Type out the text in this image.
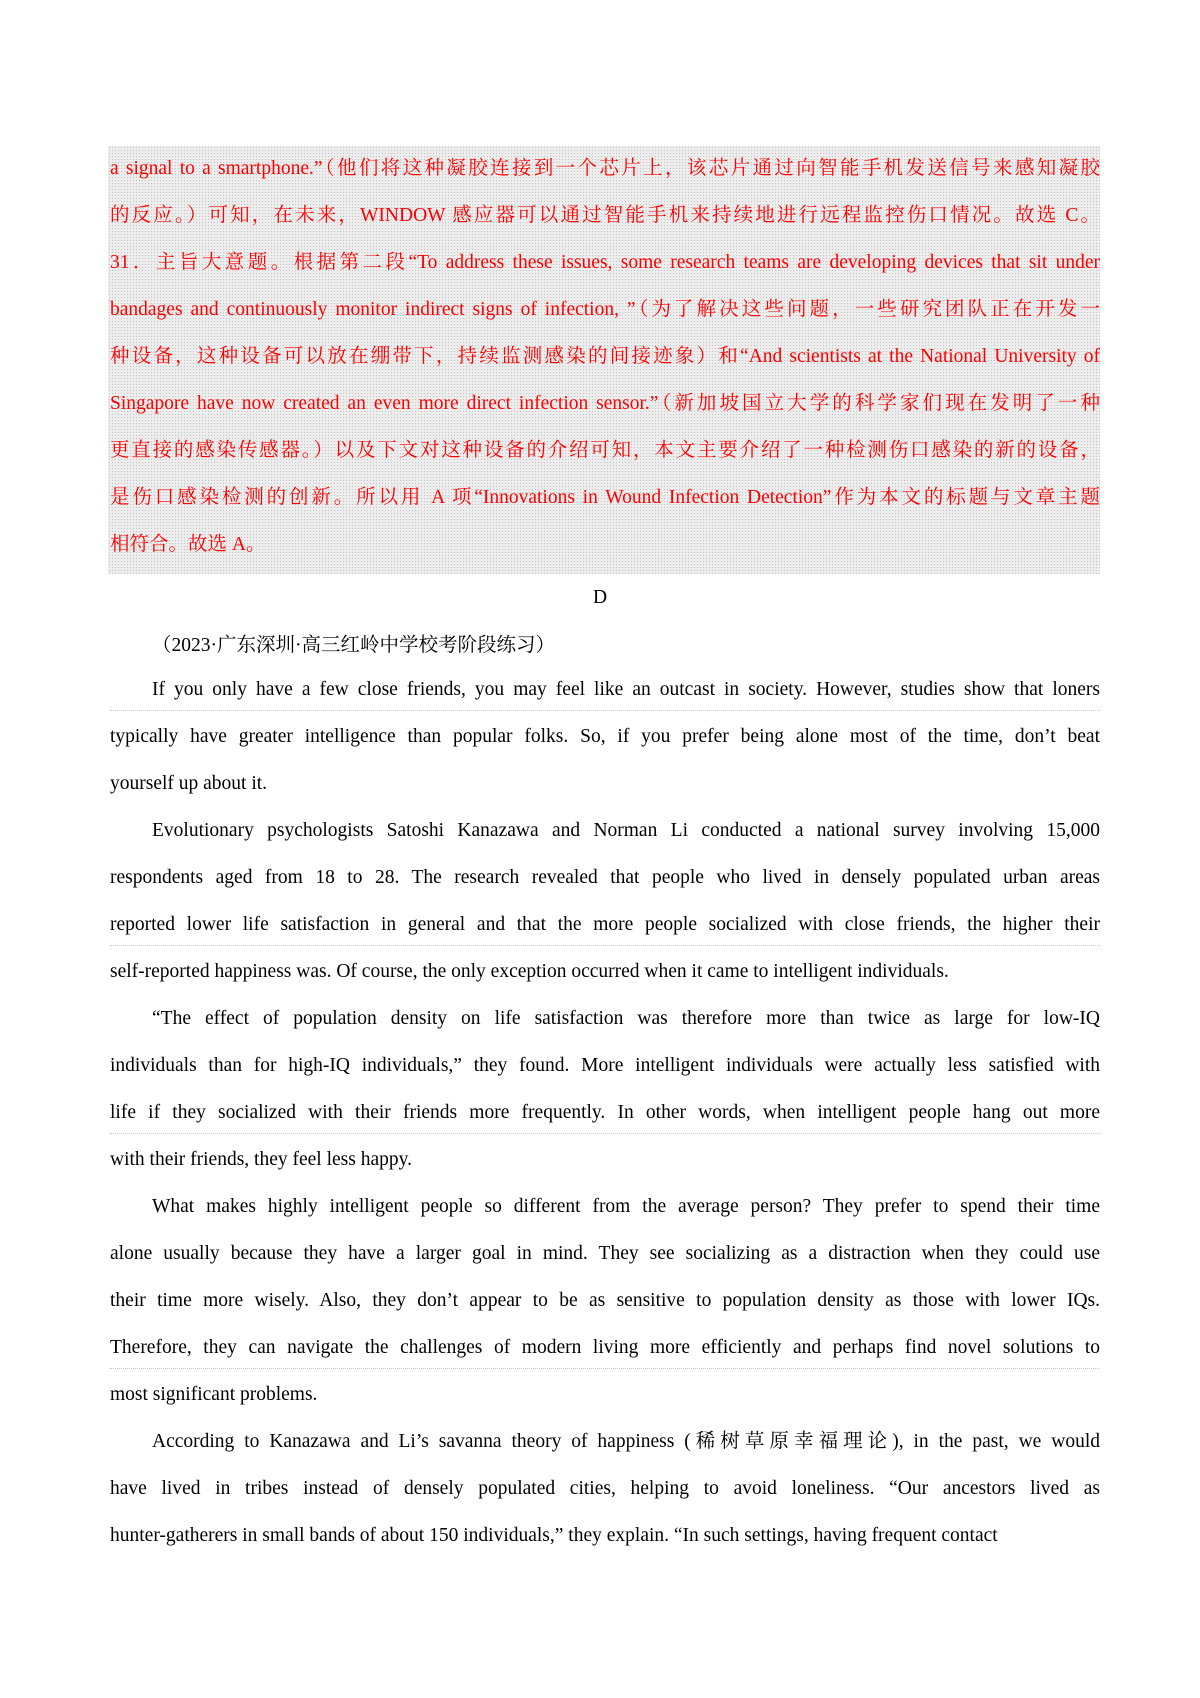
a signal to a smartphone.”（他们将这种凝胶连接到一个芯片上，该芯片通过向智能手机发送信号来感知凝胶
的反应。）可知，在未来，WINDOW 感应器可以通过智能手机来持续地进行远程监控伤口情况。故选 C。
31．主旨大意题。根据第二段“To address these issues, some research teams are developing devices that sit under
bandages and continuously monitor indirect signs of infection, ”（为了解决这些问题，一些研究团队正在开发一
种设备，这种设备可以放在绷带下，持续监测感染的间接迹象）和“And scientists at the National University of
Singapore have now created an even more direct infection sensor.”（新加坡国立大学的科学家们现在发明了一种
更直接的感染传感器。）以及下文对这种设备的介绍可知，本文主要介绍了一种检测伤口感染的新的设备，
是伤口感染检测的创新。所以用 A 项“Innovations in Wound Infection Detection”作为本文的标题与文章主题
相符合。故选 A。
D
（2023·广东深圳·高三红岭中学校考阶段练习）
If you only have a few close friends, you may feel like an outcast in society. However, studies show that loners
typically have greater intelligence than popular folks. So, if you prefer being alone most of the time, don’t beat
yourself up about it.
Evolutionary psychologists Satoshi Kanazawa and Norman Li conducted a national survey involving 15,000
respondents aged from 18 to 28. The research revealed that people who lived in densely populated urban areas
reported lower life satisfaction in general and that the more people socialized with close friends, the higher their
self-reported happiness was. Of course, the only exception occurred when it came to intelligent individuals.
“The effect of population density on life satisfaction was therefore more than twice as large for low-IQ
individuals than for high-IQ individuals,” they found. More intelligent individuals were actually less satisfied with
life if they socialized with their friends more frequently. In other words, when intelligent people hang out more
with their friends, they feel less happy.
What makes highly intelligent people so different from the average person? They prefer to spend their time
alone usually because they have a larger goal in mind. They see socializing as a distraction when they could use
their time more wisely. Also, they don’t appear to be as sensitive to population density as those with lower IQs.
Therefore, they can navigate the challenges of modern living more efficiently and perhaps find novel solutions to
most significant problems.
According to Kanazawa and Li’s savanna theory of happiness (稀树草原幸福理论), in the past, we would
have lived in tribes instead of densely populated cities, helping to avoid loneliness. “Our ancestors lived as
hunter-gatherers in small bands of about 150 individuals,” they explain. “In such settings, having frequent contact
